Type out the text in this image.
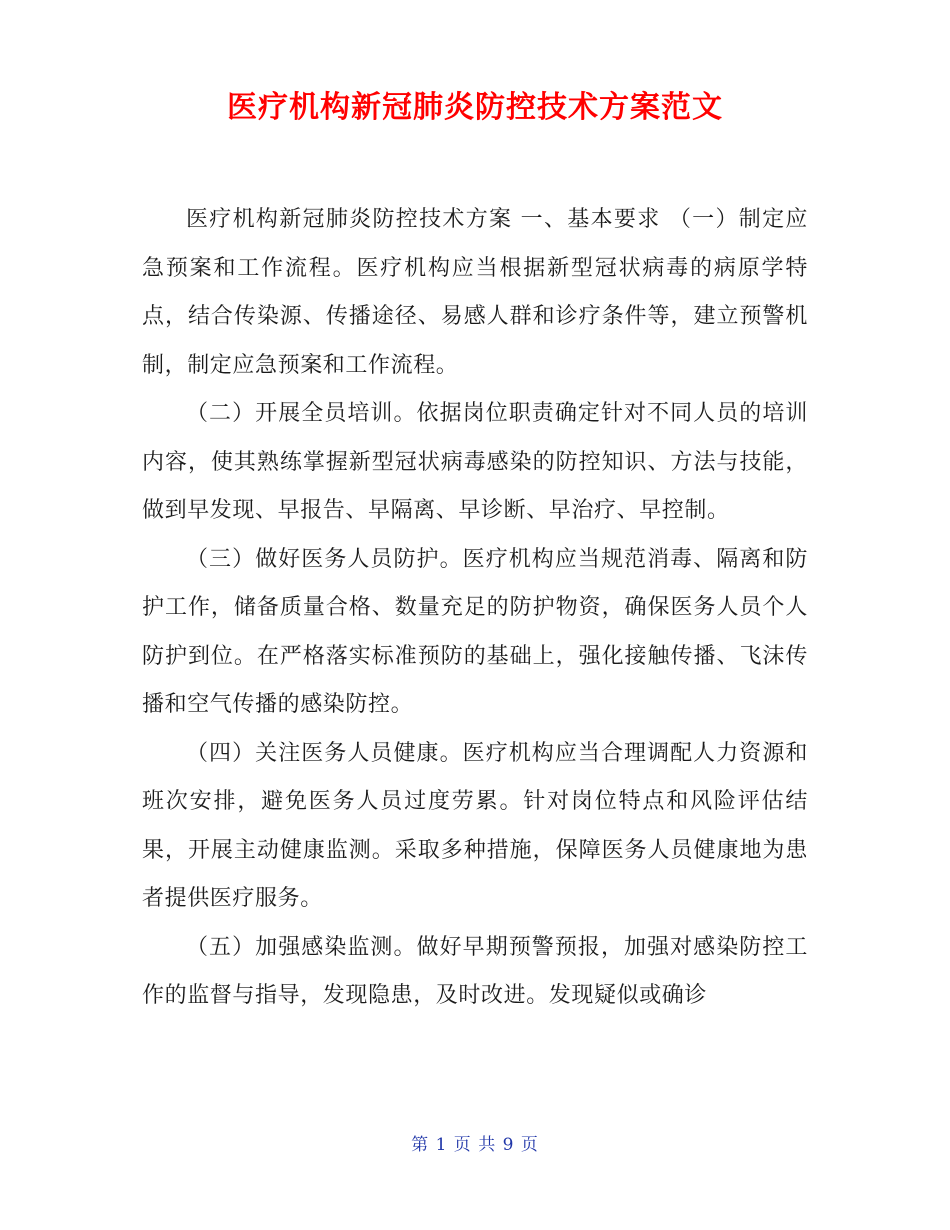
医疗机构新冠肺炎防控技术方案范文

医疗机构新冠肺炎防控技术方案 一、基本要求 （一）制定应急预案和工作流程。医疗机构应当根据新型冠状病毒的病原学特点，结合传染源、传播途径、易感人群和诊疗条件等，建立预警机制，制定应急预案和工作流程。

（二）开展全员培训。依据岗位职责确定针对不同人员的培训内容，使其熟练掌握新型冠状病毒感染的防控知识、方法与技能，做到早发现、早报告、早隔离、早诊断、早治疗、早控制。

（三）做好医务人员防护。医疗机构应当规范消毒、隔离和防护工作，储备质量合格、数量充足的防护物资，确保医务人员个人防护到位。在严格落实标准预防的基础上，强化接触传播、飞沫传播和空气传播的感染防控。

（四）关注医务人员健康。医疗机构应当合理调配人力资源和班次安排，避免医务人员过度劳累。针对岗位特点和风险评估结果，开展主动健康监测。采取多种措施，保障医务人员健康地为患者提供医疗服务。

（五）加强感染监测。做好早期预警预报，加强对感染防控工作的监督与指导，发现隐患，及时改进。发现疑似或确诊

第 1 页 共 9 页
